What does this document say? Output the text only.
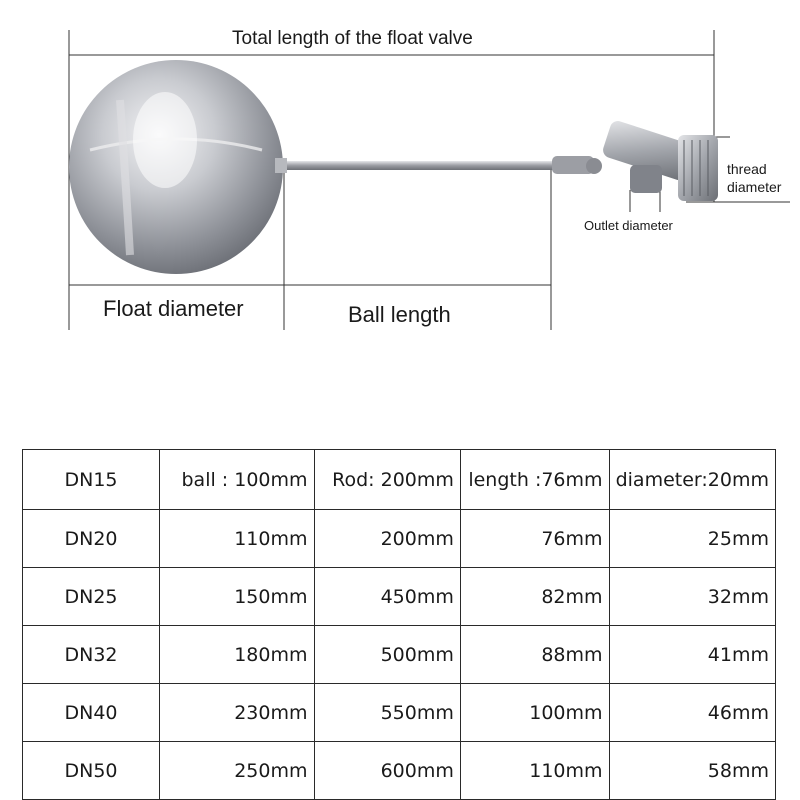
Total length of the float valve
Float diameter	Ball length
thread
diameter
Outlet diameter
DN15	ball : 100mm	Rod: 200mm	length :76mm	diameter:20mm
DN20	110mm	200mm	76mm	25mm
DN25	150mm	450mm	82mm	32mm
DN32	180mm	500mm	88mm	41mm
DN40	230mm	550mm	100mm	46mm
DN50	250mm	600mm	110mm	58mm
